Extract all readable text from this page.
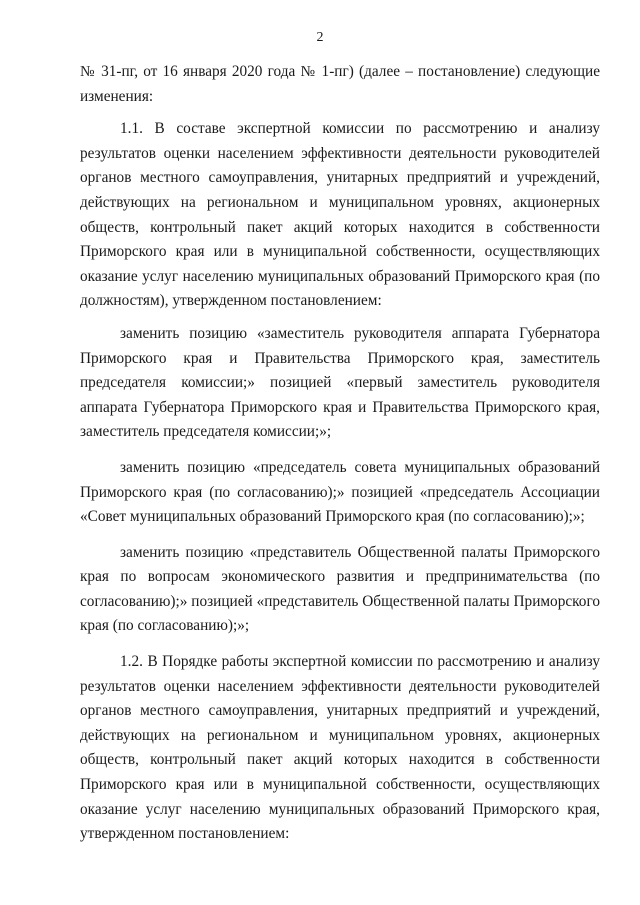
2

№ 31-пг, от 16 января 2020 года № 1-пг) (далее – постановление) следующие изменения:

1.1. В составе экспертной комиссии по рассмотрению и анализу результатов оценки населением эффективности деятельности руководителей органов местного самоуправления, унитарных предприятий и учреждений, действующих на региональном и муниципальном уровнях, акционерных обществ, контрольный пакет акций которых находится в собственности Приморского края или в муниципальной собственности, осуществляющих оказание услуг населению муниципальных образований Приморского края (по должностям), утвержденном постановлением:

заменить позицию «заместитель руководителя аппарата Губернатора Приморского края и Правительства Приморского края, заместитель председателя комиссии;» позицией «первый заместитель руководителя аппарата Губернатора Приморского края и Правительства Приморского края, заместитель председателя комиссии;»;

заменить позицию «председатель совета муниципальных образований Приморского края (по согласованию);» позицией «председатель Ассоциации «Совет муниципальных образований Приморского края (по согласованию);»;

заменить позицию «представитель Общественной палаты Приморского края по вопросам экономического развития и предпринимательства (по согласованию);» позицией «представитель Общественной палаты Приморского края (по согласованию);»;

1.2. В Порядке работы экспертной комиссии по рассмотрению и анализу результатов оценки населением эффективности деятельности руководителей органов местного самоуправления, унитарных предприятий и учреждений, действующих на региональном и муниципальном уровнях, акционерных обществ, контрольный пакет акций которых находится в собственности Приморского края или в муниципальной собственности, осуществляющих оказание услуг населению муниципальных образований Приморского края, утвержденном постановлением:
